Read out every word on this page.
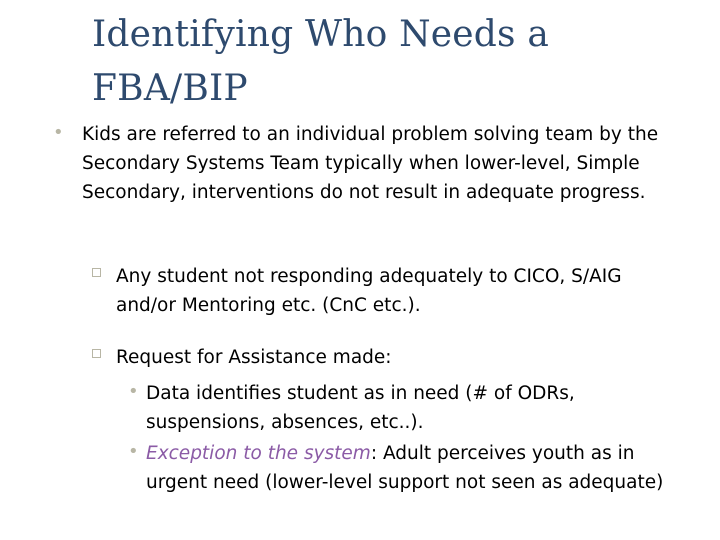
Identifying Who Needs a
FBA/BIP
• Kids are referred to an individual problem solving team by the Secondary Systems Team typically when lower-level, Simple Secondary, interventions do not result in adequate progress.
Any student not responding adequately to CICO, S/AIG and/or Mentoring etc. (CnC etc.).
Request for Assistance made:
• Data identifies student as in need (# of ODRs, suspensions, absences, etc..).
• Exception to the system: Adult perceives youth as in urgent need (lower-level support not seen as adequate)
